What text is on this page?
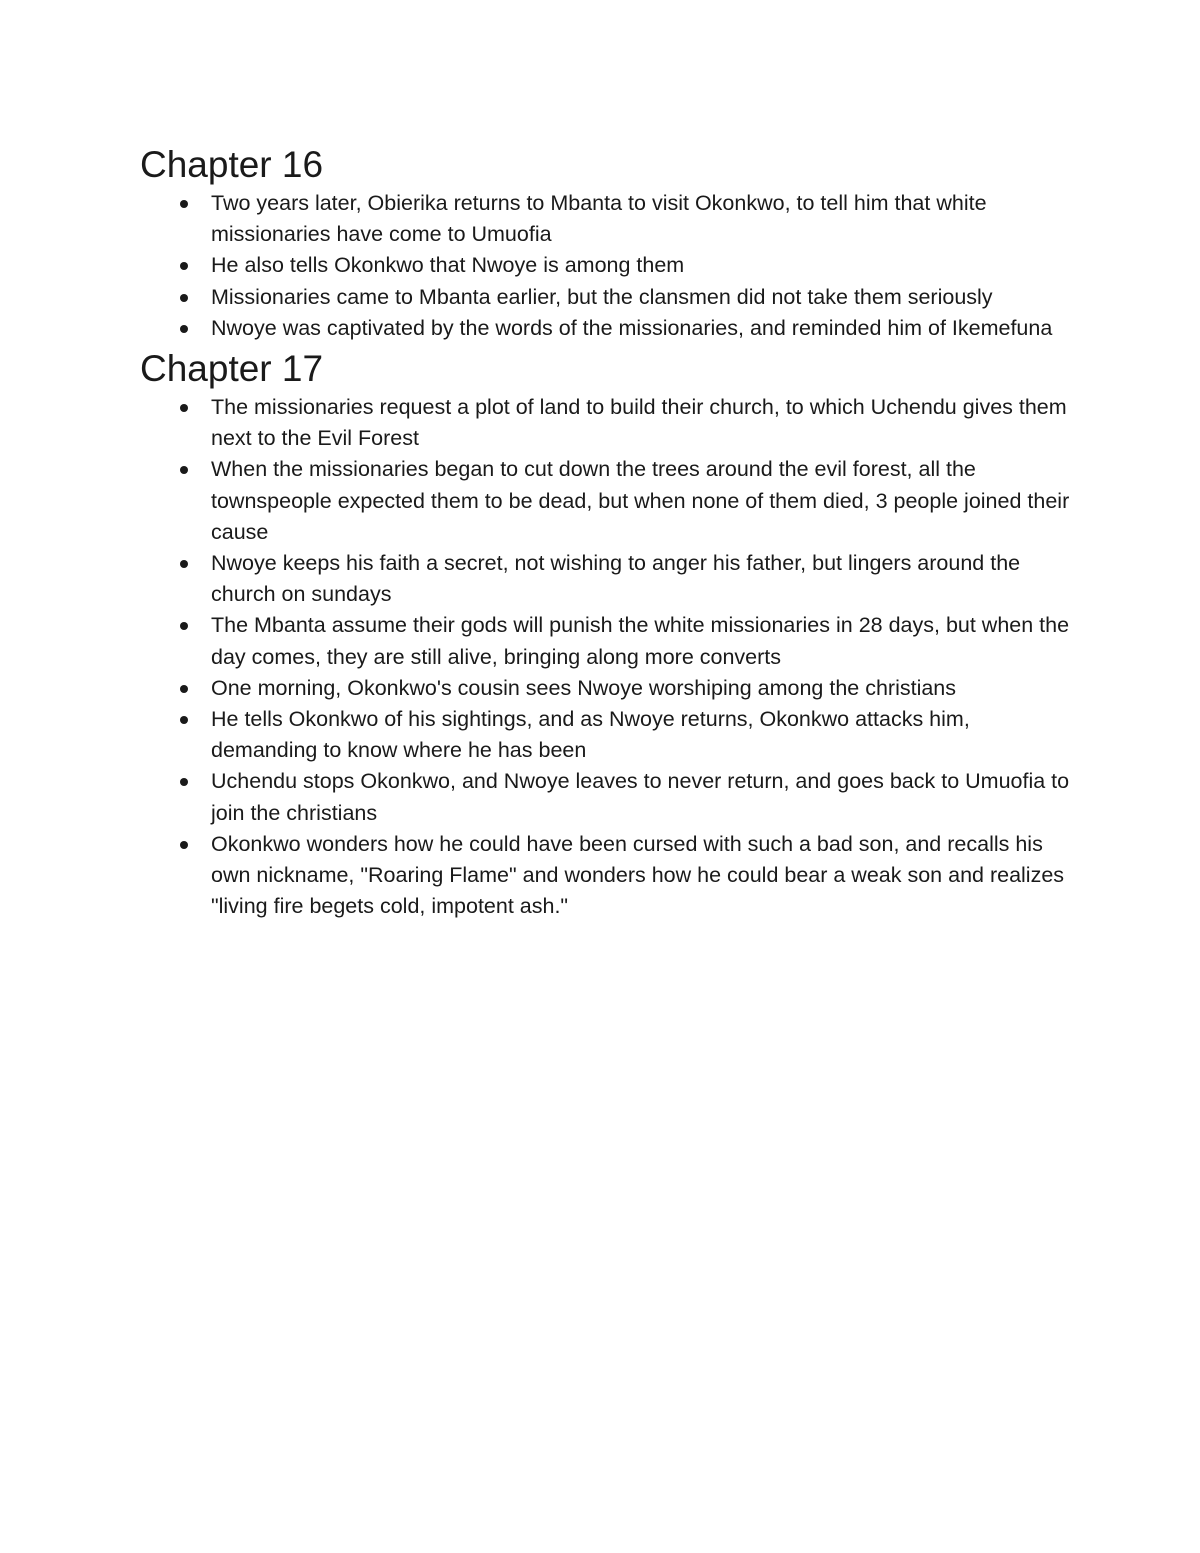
Chapter 16
Two years later, Obierika returns to Mbanta to visit Okonkwo, to tell him that white missionaries have come to Umuofia
He also tells Okonkwo that Nwoye is among them
Missionaries came to Mbanta earlier, but the clansmen did not take them seriously
Nwoye was captivated by the words of the missionaries, and reminded him of Ikemefuna
Chapter 17
The missionaries request a plot of land to build their church, to which Uchendu gives them next to the Evil Forest
When the missionaries began to cut down the trees around the evil forest, all the townspeople expected them to be dead, but when none of them died, 3 people joined their cause
Nwoye keeps his faith a secret, not wishing to anger his father, but lingers around the church on sundays
The Mbanta assume their gods will punish the white missionaries in 28 days, but when the day comes, they are still alive, bringing along more converts
One morning, Okonkwo's cousin sees Nwoye worshiping among the christians
He tells Okonkwo of his sightings, and as Nwoye returns, Okonkwo attacks him, demanding to know where he has been
Uchendu stops Okonkwo, and Nwoye leaves to never return, and goes back to Umuofia to join the christians
Okonkwo wonders how he could have been cursed with such a bad son, and recalls his own nickname, "Roaring Flame" and wonders how he could bear a weak son and realizes "living fire begets cold, impotent ash."
